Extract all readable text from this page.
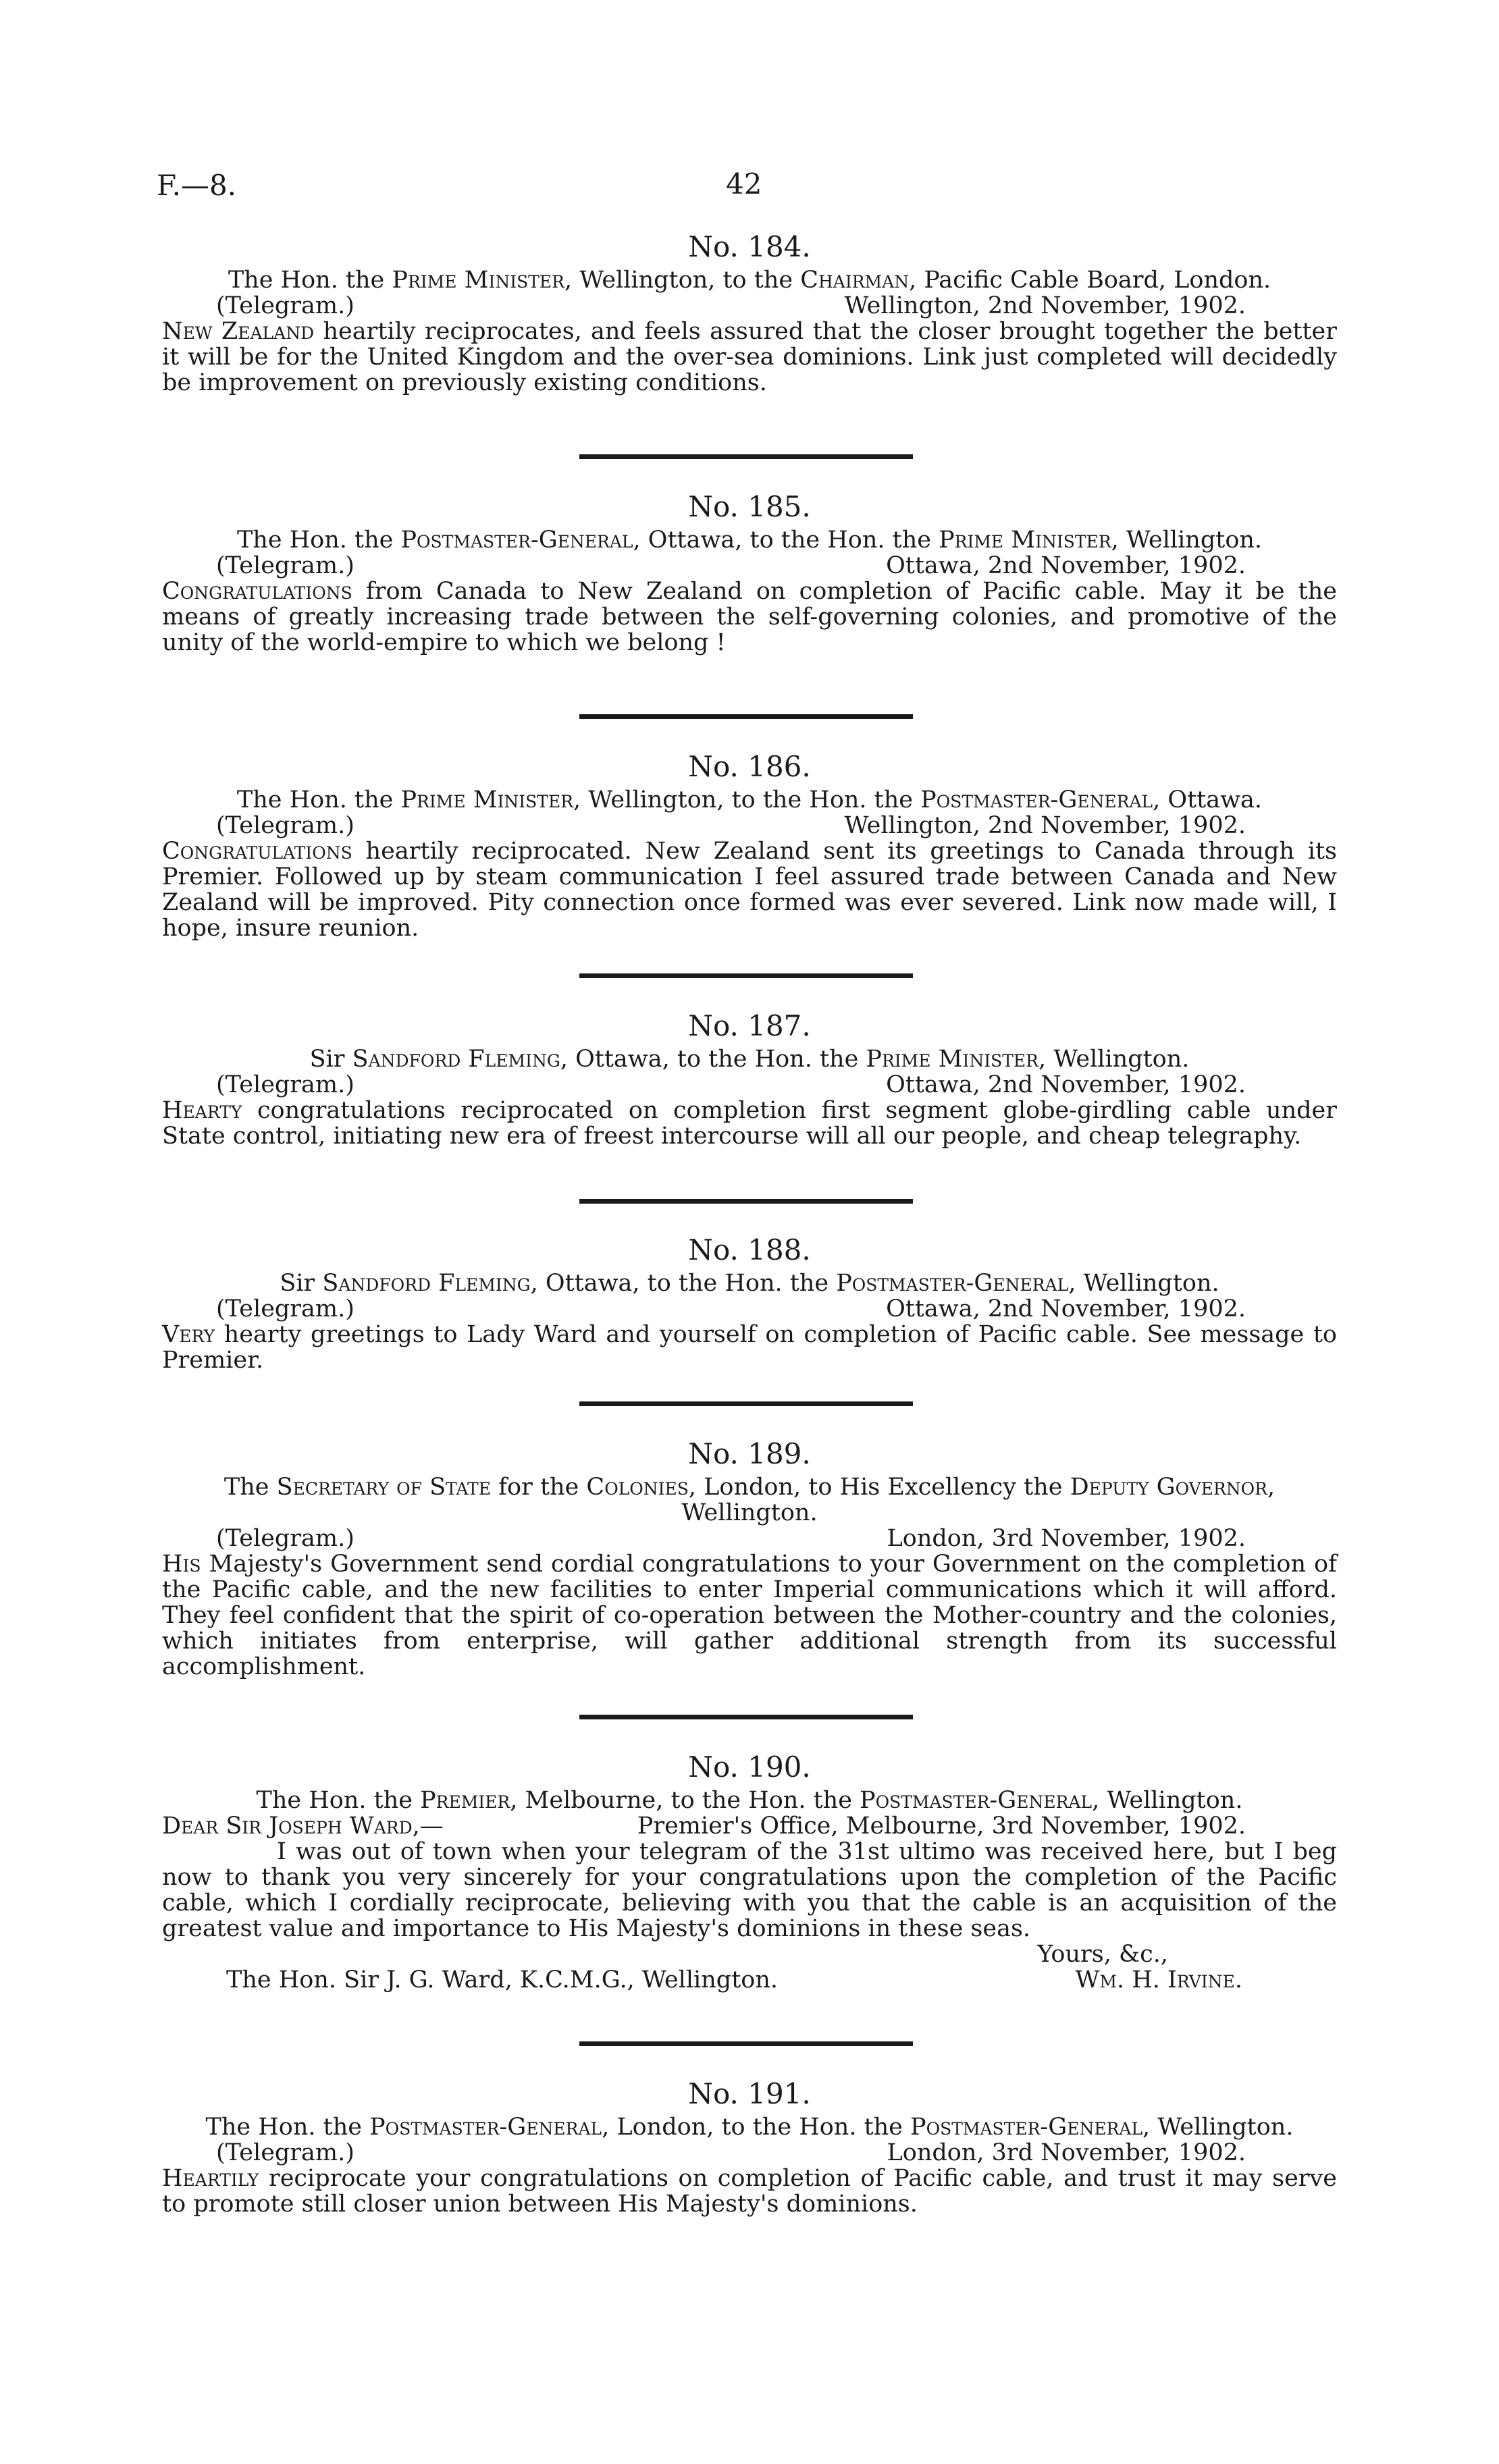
F.—8.	42
No. 184.
The Hon. the Prime Minister, Wellington, to the Chairman, Pacific Cable Board, London.
(Telegram.)	Wellington, 2nd November, 1902.
New Zealand heartily reciprocates, and feels assured that the closer brought together the better it will be for the United Kingdom and the over-sea dominions. Link just completed will decidedly be improvement on previously existing conditions.
No. 185.
The Hon. the Postmaster-General, Ottawa, to the Hon. the Prime Minister, Wellington.
(Telegram.)	Ottawa, 2nd November, 1902.
Congratulations from Canada to New Zealand on completion of Pacific cable. May it be the means of greatly increasing trade between the self-governing colonies, and promotive of the unity of the world-empire to which we belong !
No. 186.
The Hon. the Prime Minister, Wellington, to the Hon. the Postmaster-General, Ottawa.
(Telegram.)	Wellington, 2nd November, 1902.
Congratulations heartily reciprocated. New Zealand sent its greetings to Canada through its Premier. Followed up by steam communication I feel assured trade between Canada and New Zealand will be improved. Pity connection once formed was ever severed. Link now made will, I hope, insure reunion.
No. 187.
Sir Sandford Fleming, Ottawa, to the Hon. the Prime Minister, Wellington.
(Telegram.)	Ottawa, 2nd November, 1902.
Hearty congratulations reciprocated on completion first segment globe-girdling cable under State control, initiating new era of freest intercourse will all our people, and cheap telegraphy.
No. 188.
Sir Sandford Fleming, Ottawa, to the Hon. the Postmaster-General, Wellington.
(Telegram.)	Ottawa, 2nd November, 1902.
Very hearty greetings to Lady Ward and yourself on completion of Pacific cable. See message to Premier.
No. 189.
The Secretary of State for the Colonies, London, to His Excellency the Deputy Governor, Wellington.
(Telegram.)	London, 3rd November, 1902.
His Majesty's Government send cordial congratulations to your Government on the completion of the Pacific cable, and the new facilities to enter Imperial communications which it will afford. They feel confident that the spirit of co-operation between the Mother-country and the colonies, which initiates from enterprise, will gather additional strength from its successful accomplishment.
No. 190.
The Hon. the Premier, Melbourne, to the Hon. the Postmaster-General, Wellington.
Dear Sir Joseph Ward,—	Premier's Office, Melbourne, 3rd November, 1902.
I was out of town when your telegram of the 31st ultimo was received here, but I beg now to thank you very sincerely for your congratulations upon the completion of the Pacific cable, which I cordially reciprocate, believing with you that the cable is an acquisition of the greatest value and importance to His Majesty's dominions in these seas.
Yours, &c.,
The Hon. Sir J. G. Ward, K.C.M.G., Wellington.	Wm. H. Irvine.
No. 191.
The Hon. the Postmaster-General, London, to the Hon. the Postmaster-General, Wellington.
(Telegram.)	London, 3rd November, 1902.
Heartily reciprocate your congratulations on completion of Pacific cable, and trust it may serve to promote still closer union between His Majesty's dominions.
